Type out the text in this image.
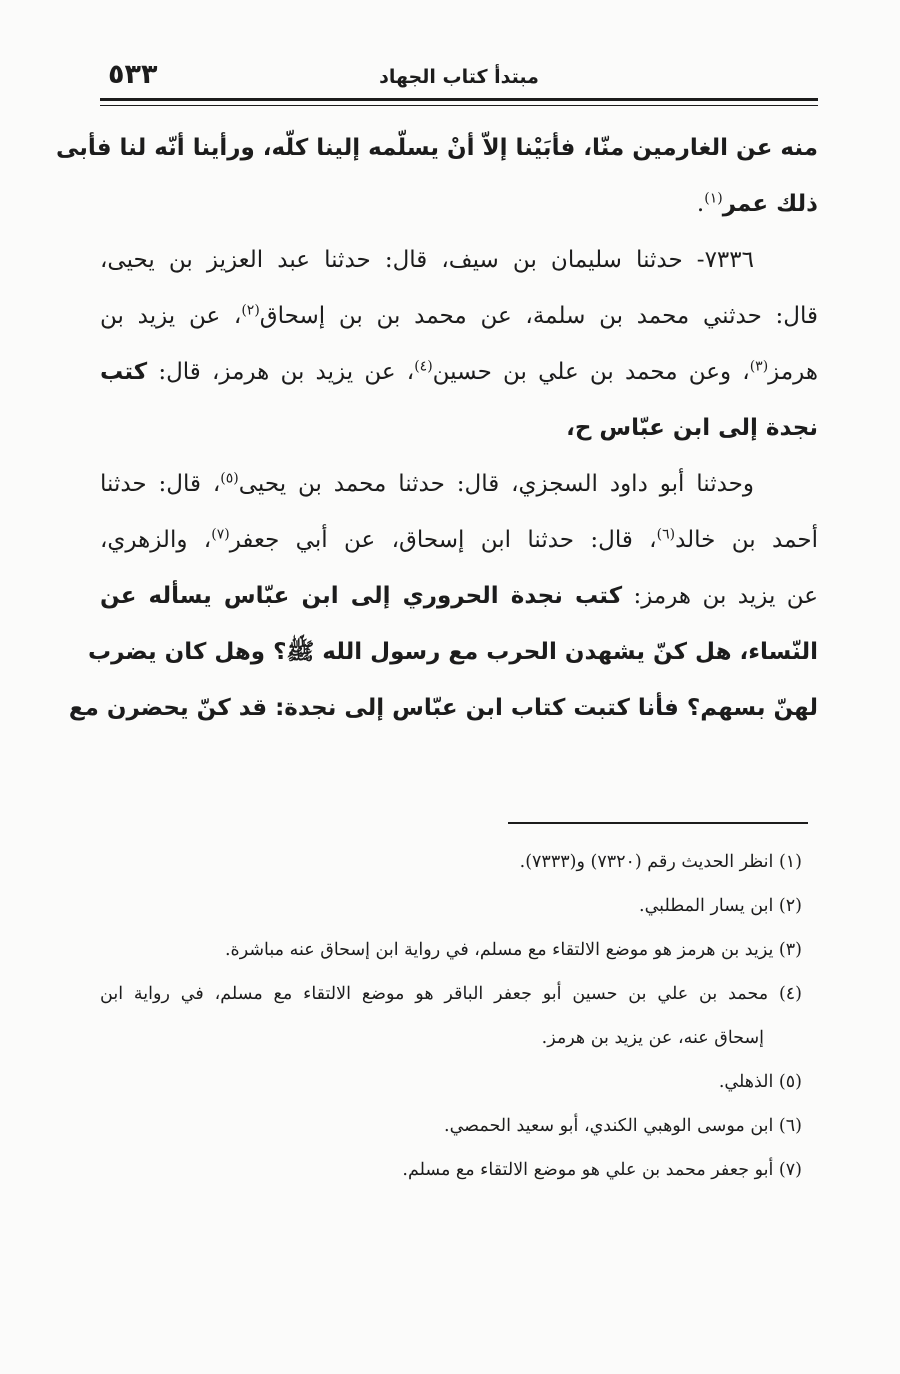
مبتدأ كتاب الجهاد
٥٣٣
منه عن الغارمين منّا، فأبَيْنا إلاّ أنْ يسلّمه إلينا كلّه، ورأينا أنّه لنا فأبى
ذلك عمر$^{(١)}$.
٧٣٣٦- حدثنا سليمان بن سيف، قال: حدثنا عبد العزيز بن يحيى،
قال: حدثني محمد بن سلمة، عن محمد بن بن إسحاق$^{(٢)}$، عن يزيد بن
هرمز$^{(٣)}$، وعن محمد بن علي بن حسين$^{(٤)}$، عن يزيد بن هرمز، قال: كتب
نجدة إلى ابن عبّاس ح،
وحدثنا أبو داود السجزي، قال: حدثنا محمد بن يحيى$^{(٥)}$، قال: حدثنا
أحمد بن خالد$^{(٦)}$، قال: حدثنا ابن إسحاق، عن أبي جعفر$^{(٧)}$، والزهري،
عن يزيد بن هرمز: كتب نجدة الحروري إلى ابن عبّاس يسأله عن
النّساء، هل كنّ يشهدن الحرب مع رسول الله ﷺ؟ وهل كان يضرب
لهنّ بسهم؟ فأنا كتبت كتاب ابن عبّاس إلى نجدة: قد كنّ يحضرن مع
(١) انظر الحديث رقم (٧٣٢٠) و(٧٣٣٣).
(٢) ابن يسار المطلبي.
(٣) يزيد بن هرمز هو موضع الالتقاء مع مسلم، في رواية ابن إسحاق عنه مباشرة.
(٤) محمد بن علي بن حسين أبو جعفر الباقر هو موضع الالتقاء مع مسلم، في رواية ابن
إسحاق عنه، عن يزيد بن هرمز.
(٥) الذهلي.
(٦) ابن موسى الوهبي الكندي، أبو سعيد الحمصي.
(٧) أبو جعفر محمد بن علي هو موضع الالتقاء مع مسلم.
